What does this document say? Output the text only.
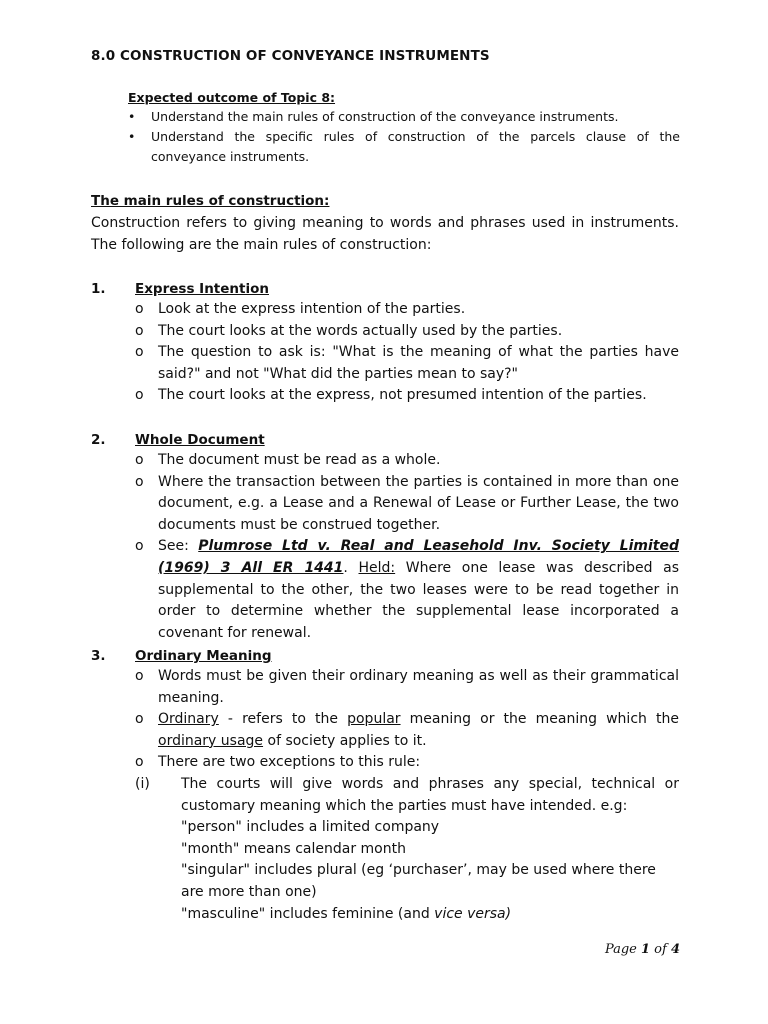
8.0 CONSTRUCTION OF CONVEYANCE INSTRUMENTS
Expected outcome of Topic 8:
•	Understand the main rules of construction of the conveyance instruments.
•	Understand the specific rules of construction of the parcels clause of the conveyance instruments.
The main rules of construction:
Construction refers to giving meaning to words and phrases used in instruments. The following are the main rules of construction:
1. Express Intention
o	Look at the express intention of the parties.
o	The court looks at the words actually used by the parties.
o	The question to ask is: "What is the meaning of what the parties have said?" and not "What did the parties mean to say?"
o	The court looks at the express, not presumed intention of the parties.
2. Whole Document
o	The document must be read as a whole.
o	Where the transaction between the parties is contained in more than one document, e.g. a Lease and a Renewal of Lease or Further Lease, the two documents must be construed together.
o	See: Plumrose Ltd v. Real and Leasehold Inv. Society Limited (1969) 3 All ER 1441. Held: Where one lease was described as supplemental to the other, the two leases were to be read together in order to determine whether the supplemental lease incorporated a covenant for renewal.
3. Ordinary Meaning
o	Words must be given their ordinary meaning as well as their grammatical meaning.
o	Ordinary - refers to the popular meaning or the meaning which the ordinary usage of society applies to it.
o	There are two exceptions to this rule:
(i)	The courts will give words and phrases any special, technical or customary meaning which the parties must have intended. e.g:
"person" includes a limited company
"month" means calendar month
"singular" includes plural (eg ‘purchaser’, may be used where there are more than one)
"masculine" includes feminine (and vice versa)
Page 1 of 4
